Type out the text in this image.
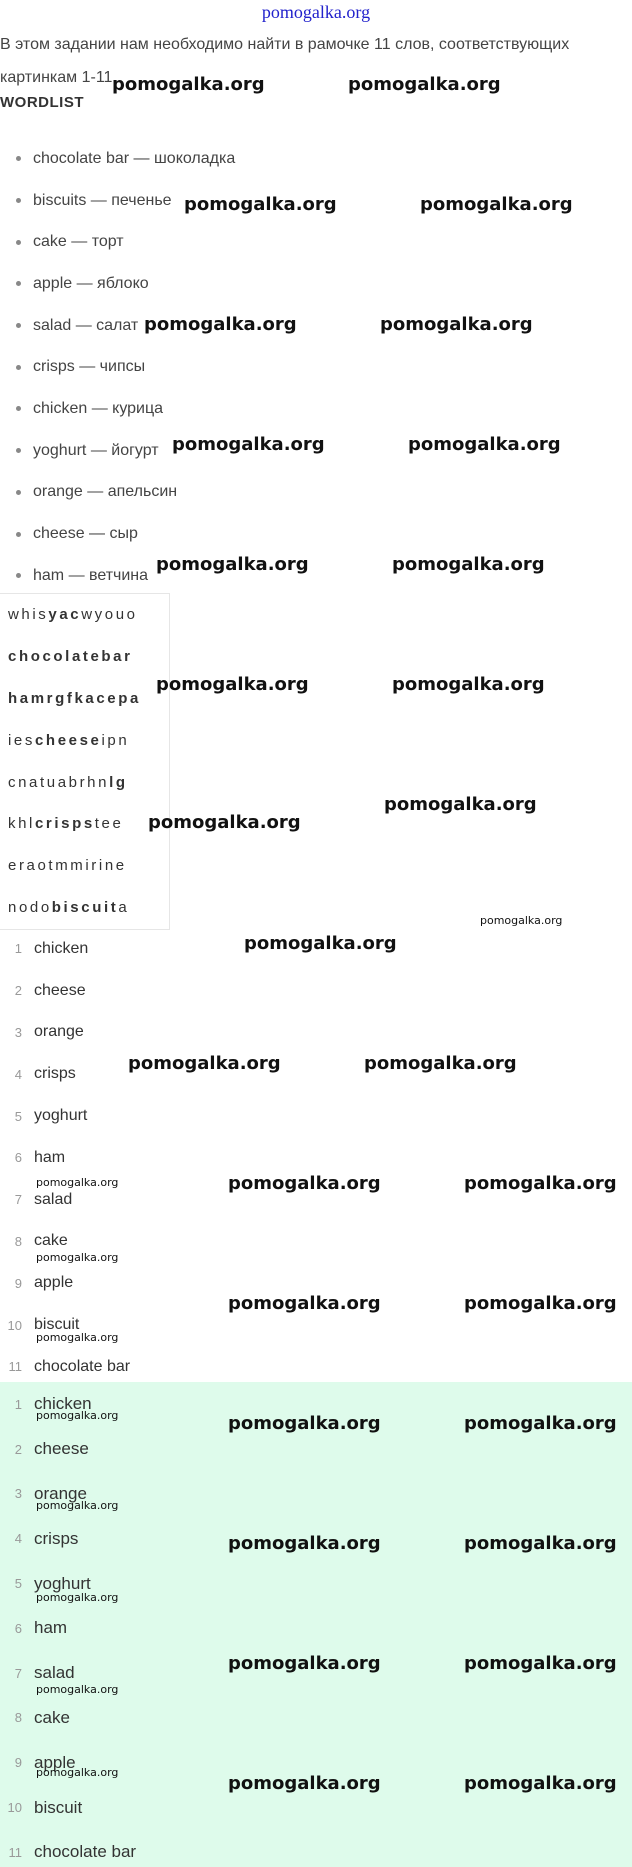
pomogalka.org

В этом задании нам необходимо найти в рамочке 11 слов, соответствующих картинкам 1-11.

WORDLIST
chocolate bar — шоколадка
biscuits — печенье
cake — торт
apple — яблоко
salad — салат
crisps — чипсы
chicken — курица
yoghurt — йогурт
orange — апельсин
cheese — сыр
ham — ветчина
whis yac wyouo
chocolatebar
ham rgfkacepa
ies cheese ipn
cnatuabrhn lg
khl crisps tee
eraotmmirine
nodo biscuit a
1 chicken
2 cheese
3 orange
4 crisps
5 yoghurt
6 ham
7 salad
8 cake
9 apple
10 biscuit
11 chocolate bar
1 chicken
2 cheese
3 orange
4 crisps
5 yoghurt
6 ham
7 salad
8 cake
9 apple
10 biscuit
11 chocolate bar
pomogalka.org	pomogalka.org
pomogalka.org	pomogalka.org
pomogalka.org	pomogalka.org
pomogalka.org	pomogalka.org
pomogalka.org	pomogalka.org
pomogalka.org	pomogalka.org
pomogalka.org
pomogalka.org
pomogalka.org
pomogalka.org	pomogalka.org
pomogalka.org	pomogalka.org
pomogalka.org	pomogalka.org
pomogalka.org	pomogalka.org
pomogalka.org	pomogalka.org
pomogalka.org	pomogalka.org
pomogalka.org	pomogalka.org
pomogalka.org
pomogalka.org
pomogalka.org
pomogalka.org
pomogalka.org
pomogalka.org
pomogalka.org
pomogalka.org
pomogalka.org
